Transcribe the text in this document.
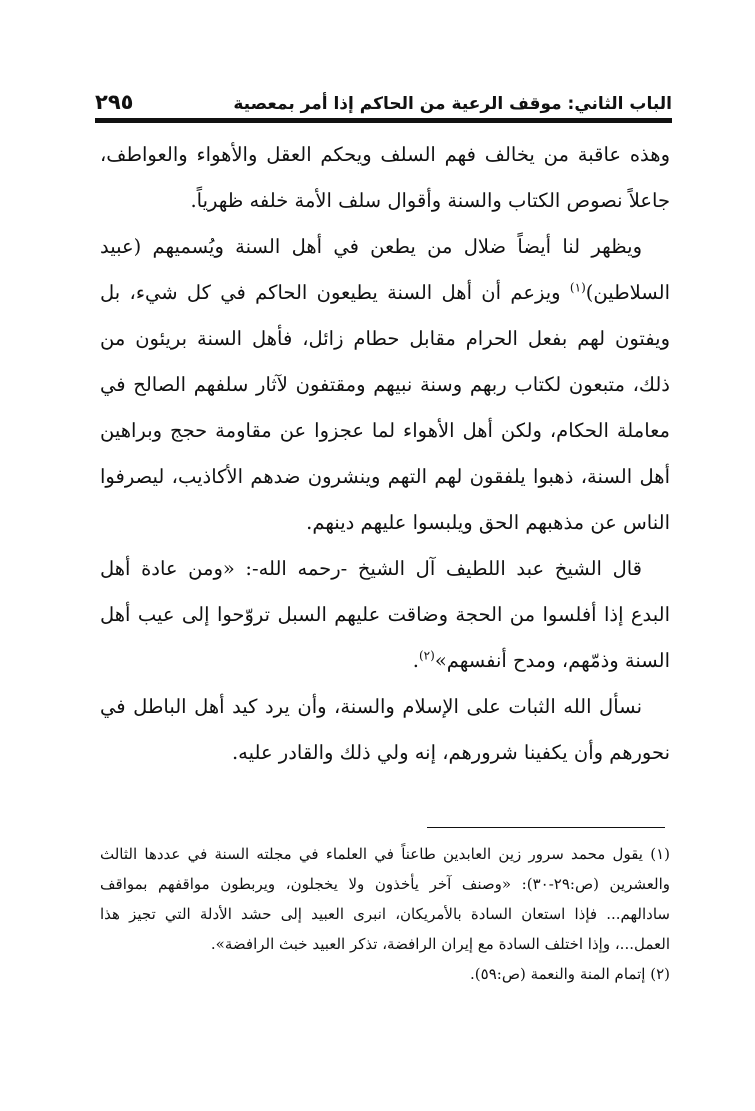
الباب الثاني: موقف الرعية من الحاكم إذا أمر بمعصية
٢٩٥

وهذه عاقبة من يخالف فهم السلف ويحكم العقل والأهواء والعواطف، جاعلاً نصوص الكتاب والسنة وأقوال سلف الأمة خلفه ظهرياً.

ويظهر لنا أيضاً ضلال من يطعن في أهل السنة ويُسميهم (عبيد السلاطين)$^{(١)}$ ويزعم أن أهل السنة يطيعون الحاكم في كل شيء، بل ويفتون لهم بفعل الحرام مقابل حطام زائل، فأهل السنة بريئون من ذلك، متبعون لكتاب ربهم وسنة نبيهم ومقتفون لآثار سلفهم الصالح في معاملة الحكام، ولكن أهل الأهواء لما عجزوا عن مقاومة حجج وبراهين أهل السنة، ذهبوا يلفقون لهم التهم وينشرون ضدهم الأكاذيب، ليصرفوا الناس عن مذهبهم الحق ويلبسوا عليهم دينهم.

قال الشيخ عبد اللطيف آل الشيخ -رحمه الله-: «ومن عادة أهل البدع إذا أفلسوا من الحجة وضاقت عليهم السبل تروّحوا إلى عيب أهل السنة وذمّهم، ومدح أنفسهم»$^{(٢)}$.

نسأل الله الثبات على الإسلام والسنة، وأن يرد كيد أهل الباطل في نحورهم وأن يكفينا شرورهم، إنه ولي ذلك والقادر عليه.

(١) يقول محمد سرور زين العابدين طاعناً في العلماء في مجلته السنة في عددها الثالث والعشرين (ص:٢٩-٣٠): «وصنف آخر يأخذون ولا يخجلون، ويربطون مواقفهم بمواقف سادالهم... فإذا استعان السادة بالأمريكان، انبرى العبيد إلى حشد الأدلة التي تجيز هذا العمل...، وإذا اختلف السادة مع إيران الرافضة، تذكر العبيد خبث الرافضة».

(٢) إتمام المنة والنعمة (ص:٥٩).
